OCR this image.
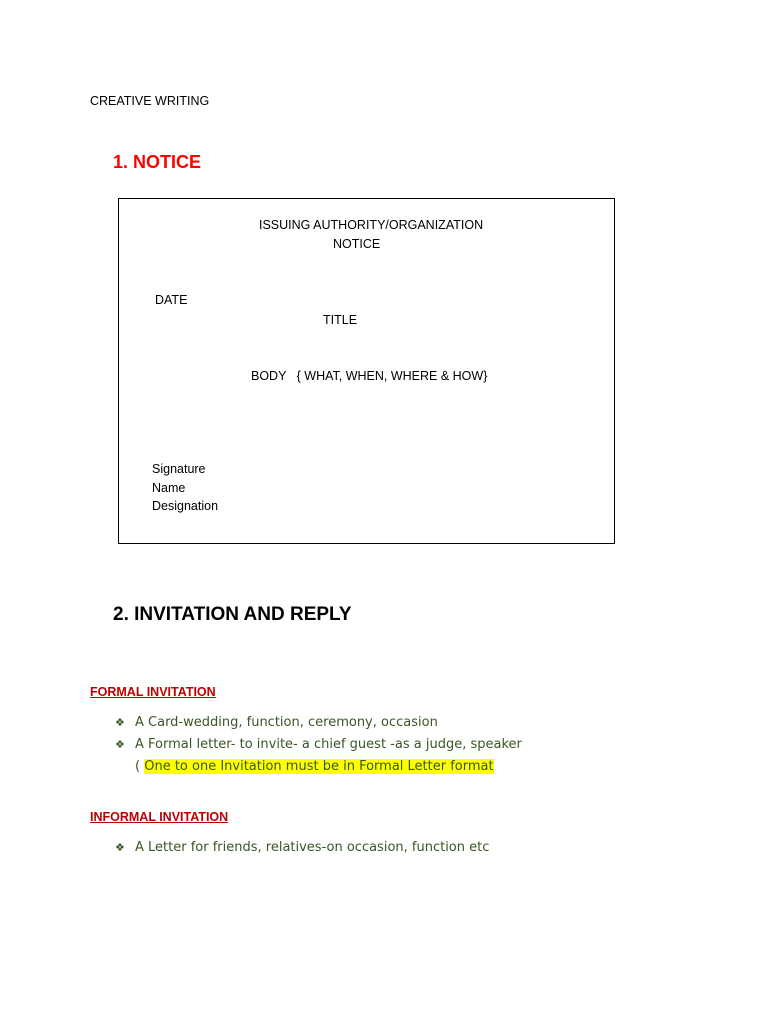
CREATIVE WRITING
1. NOTICE
ISSUING AUTHORITY/ORGANIZATION
NOTICE
DATE
TITLE
BODY   { WHAT, WHEN, WHERE & HOW}
Signature
Name
Designation
2. INVITATION AND REPLY
FORMAL INVITATION
❖ A Card-wedding, function, ceremony, occasion
❖ A Formal letter- to invite- a chief guest -as a judge, speaker
( One to one Invitation must be in Formal Letter format
INFORMAL INVITATION
❖ A Letter for friends, relatives-on occasion, function etc
